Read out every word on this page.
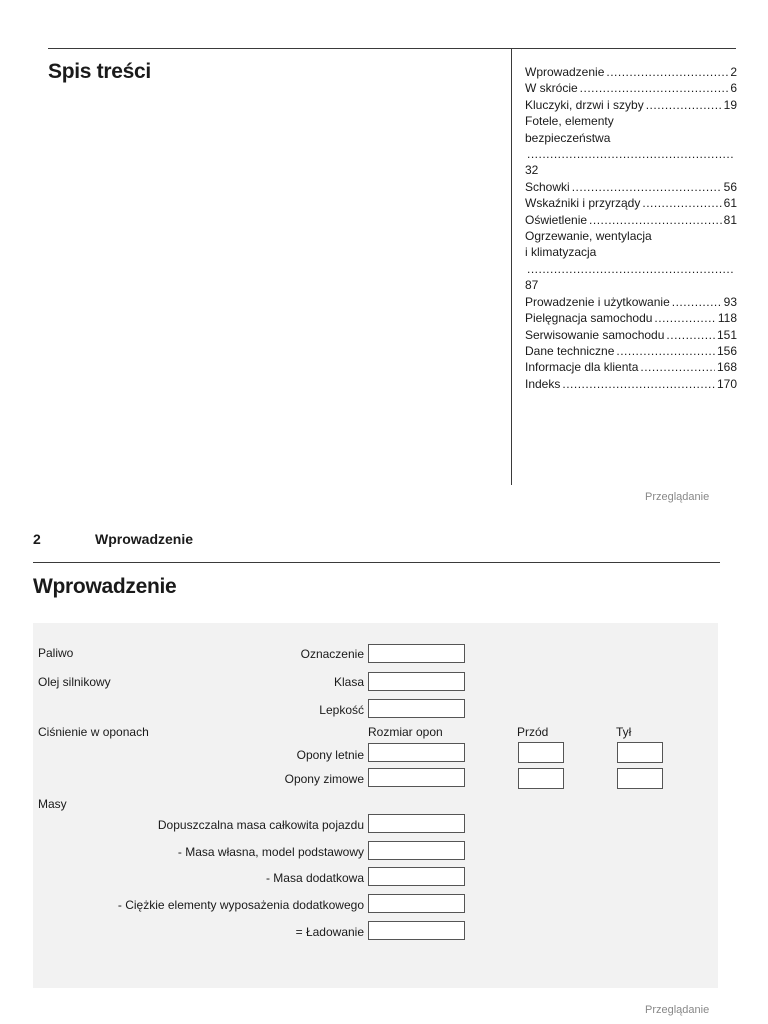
Spis treści	Wprowadzenie .....	2
W skrócie .....	6
Kluczyki, drzwi i szyby .....	19
Fotele, elementy
bezpieczeństwa
.....
32
Schowki .....	56
Wskaźniki i przyrządy .....	61
Oświetlenie .....	81
Ogrzewanie, wentylacja
i klimatyzacja
.....
87
Prowadzenie i użytkowanie .....	93
Pielęgnacja samochodu .....	118
Serwisowanie samochodu .....	151
Dane techniczne .....	156
Informacje dla klienta .....	168
Indeks .....	170
Przeglądanie
2	Wprowadzenie
Wprowadzenie
Paliwo	Oznaczenie
Olej silnikowy	Klasa
Lepkość
Ciśnienie w oponach	Rozmiar opon	Przód	Tył
Opony letnie
Opony zimowe
Masy
Dopuszczalna masa całkowita pojazdu
- Masa własna, model podstawowy
- Masa dodatkowa
- Ciężkie elementy wyposażenia dodatkowego
= Ładowanie
Przeglądanie
